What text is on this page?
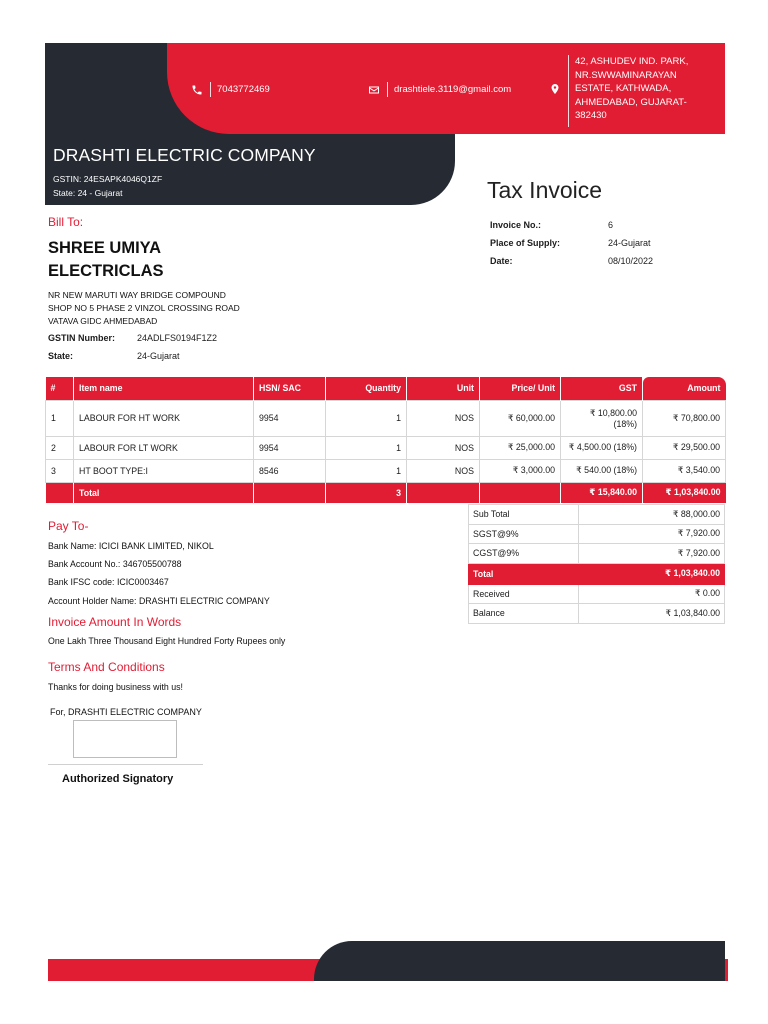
7043772469	drashtiele.3119@gmail.com
42, ASHUDEV IND. PARK, NR.SWWAMINARAYAN ESTATE, KATHWADA, AHMEDABAD, GUJARAT-382430
DRASHTI ELECTRIC COMPANY
GSTIN: 24ESAPK4046Q1ZF
State: 24 - Gujarat	Tax Invoice
Invoice No.:	6
Place of Supply:	24-Gujarat
Date:	08/10/2022
Bill To:
SHREE UMIYA ELECTRICLAS
NR NEW MARUTI WAY BRIDGE COMPOUND
SHOP NO 5 PHASE 2 VINZOL CROSSING ROAD
VATAVA GIDC AHMEDABAD
GSTIN Number:	24ADLFS0194F1Z2
State:	24-Gujarat
#	Item name	HSN/ SAC	Quantity	Unit	Price/ Unit	GST	Amount
1	LABOUR FOR HT WORK	9954	1	NOS	₹ 60,000.00	₹ 10,800.00 (18%)	₹ 70,800.00
2	LABOUR FOR LT WORK	9954	1	NOS	₹ 25,000.00	₹ 4,500.00 (18%)	₹ 29,500.00
3	HT BOOT TYPE:I	8546	1	NOS	₹ 3,000.00	₹ 540.00 (18%)	₹ 3,540.00
	Total		3			₹ 15,840.00	₹ 1,03,840.00
Sub Total	₹ 88,000.00
SGST@9%	₹ 7,920.00
CGST@9%	₹ 7,920.00
Total	₹ 1,03,840.00
Received	₹ 0.00
Balance	₹ 1,03,840.00
Pay To-
Bank Name: ICICI BANK LIMITED, NIKOL
Bank Account No.: 346705500788
Bank IFSC code: ICIC0003467
Account Holder Name: DRASHTI ELECTRIC COMPANY
Invoice Amount In Words
One Lakh Three Thousand Eight Hundred Forty Rupees only
Terms And Conditions
Thanks for doing business with us!
For, DRASHTI ELECTRIC COMPANY
Authorized Signatory
